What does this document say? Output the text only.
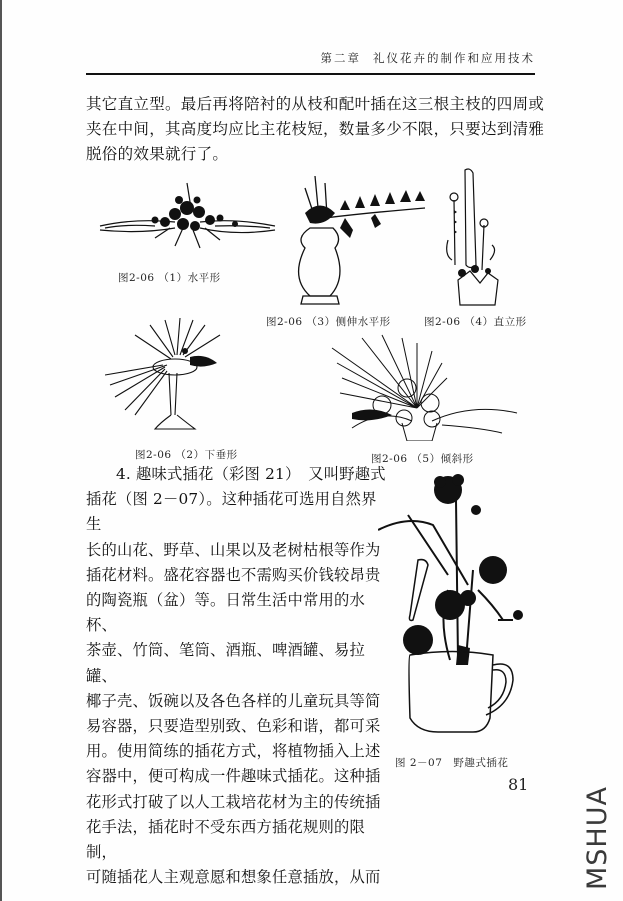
第二章 礼仪花卉的制作和应用技术
其它直立型。最后再将陪衬的从枝和配叶插在这三根主枝的四周或夹在中间，其高度均应比主花枝短，数量多少不限，只要达到清雅脱俗的效果就行了。
图2-06 （1）水平形
图2-06 （3）侧伸水平形	图2-06 （4）直立形
图2-06 （2）下垂形	图2-06 （5）倾斜形

4. 趣味式插花（彩图 21）　又叫野趣式

插花（图 2－07）。这种插花可选用自然界生

长的山花、野草、山果以及老树枯根等作为

插花材料。盛花容器也不需购买价钱较昂贵

的陶瓷瓶（盆）等。日常生活中常用的水杯、

茶壶、竹筒、笔筒、酒瓶、啤酒罐、易拉罐、

椰子壳、饭碗以及各色各样的儿童玩具等简

易容器，只要造型别致、色彩和谐，都可采

用。使用简练的插花方式，将植物插入上述

容器中，便可构成一件趣味式插花。这种插

花形式打破了以人工栽培花材为主的传统插

花手法，插花时不受东西方插花规则的限制，

可随插花人主观意愿和想象任意插放，从而

图 2－07　野趣式插花
81
MSHUA
